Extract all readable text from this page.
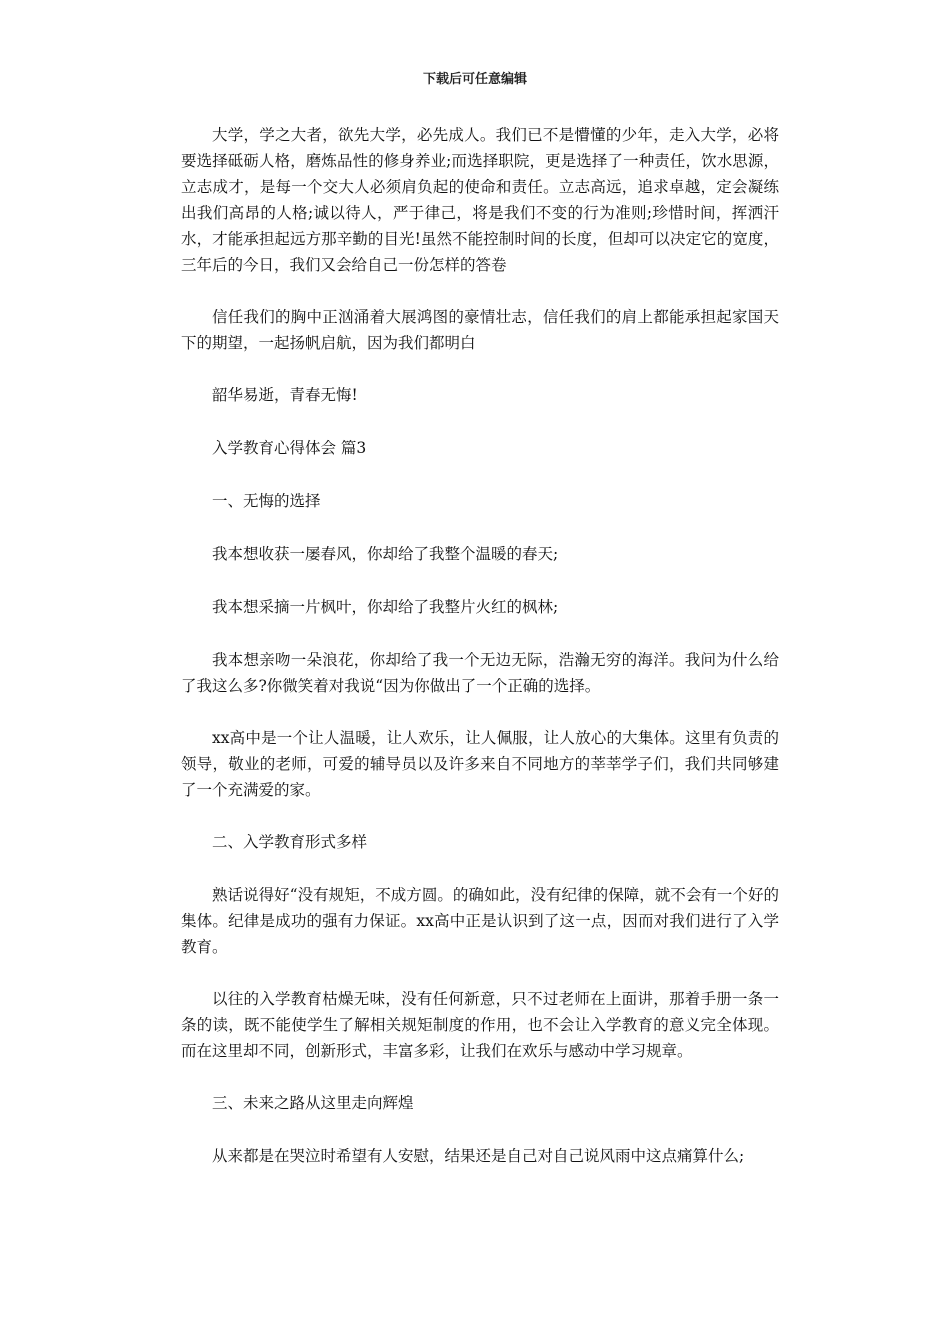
下载后可任意编辑

大学，学之大者，欲先大学，必先成人。我们已不是懵懂的少年，走入大学，必将要选择砥砺人格，磨炼品性的修身养业;而选择职院，更是选择了一种责任，饮水思源，立志成才，是每一个交大人必须肩负起的使命和责任。立志高远，追求卓越，定会凝练出我们高昂的人格;诚以待人，严于律己，将是我们不变的行为准则;珍惜时间，挥洒汗水，才能承担起远方那辛勤的目光!虽然不能控制时间的长度，但却可以决定它的宽度，三年后的今日，我们又会给自己一份怎样的答卷

信任我们的胸中正汹涌着大展鸿图的豪情壮志，信任我们的肩上都能承担起家国天下的期望，一起扬帆启航，因为我们都明白

韶华易逝，青春无悔!

入学教育心得体会 篇3

一、无悔的选择

我本想收获一屡春风，你却给了我整个温暖的春天;

我本想采摘一片枫叶，你却给了我整片火红的枫林;

我本想亲吻一朵浪花，你却给了我一个无边无际，浩瀚无穷的海洋。我问为什么给了我这么多?你微笑着对我说“因为你做出了一个正确的选择。

xx高中是一个让人温暖，让人欢乐，让人佩服，让人放心的大集体。这里有负责的领导，敬业的老师，可爱的辅导员以及许多来自不同地方的莘莘学子们，我们共同够建了一个充满爱的家。

二、入学教育形式多样

熟话说得好“没有规矩，不成方圆。的确如此，没有纪律的保障，就不会有一个好的集体。纪律是成功的强有力保证。xx高中正是认识到了这一点，因而对我们进行了入学教育。

以往的入学教育枯燥无味，没有任何新意，只不过老师在上面讲，那着手册一条一条的读，既不能使学生了解相关规矩制度的作用，也不会让入学教育的意义完全体现。而在这里却不同，创新形式，丰富多彩，让我们在欢乐与感动中学习规章。

三、未来之路从这里走向辉煌

从来都是在哭泣时希望有人安慰，结果还是自己对自己说风雨中这点痛算什么;
